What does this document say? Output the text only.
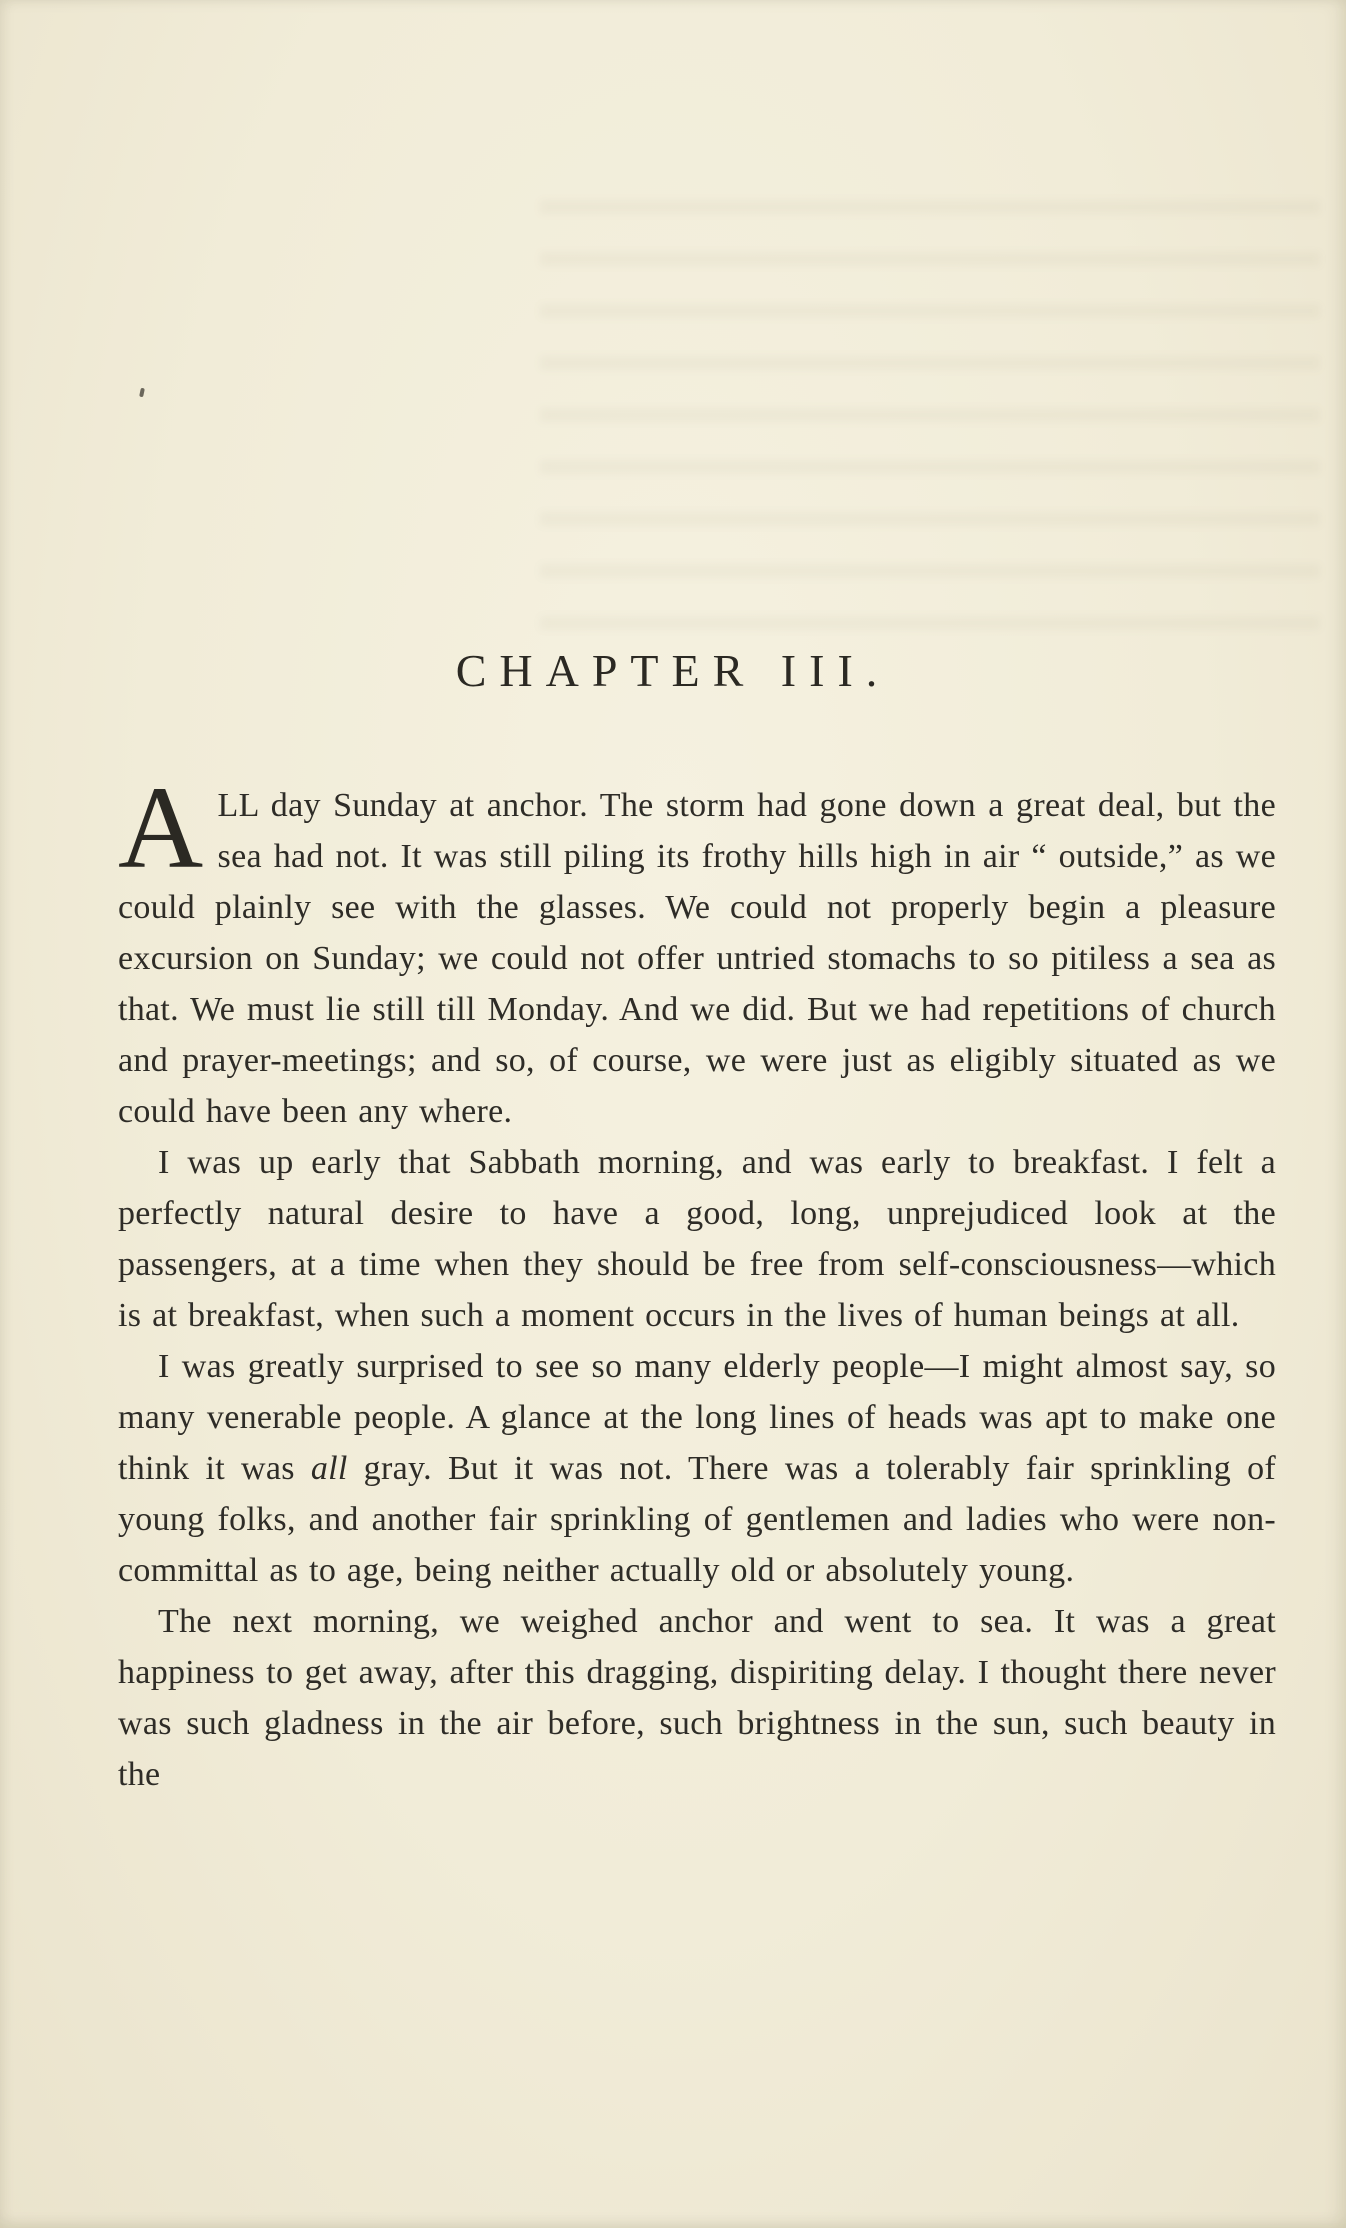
CHAPTER III.

ALL day Sunday at anchor. The storm had gone down a great deal, but the sea had not. It was still piling its frothy hills high in air “ outside,” as we could plainly see with the glasses. We could not properly begin a pleasure excursion on Sunday; we could not offer untried stomachs to so pitiless a sea as that. We must lie still till Monday. And we did. But we had repetitions of church and prayer-meetings; and so, of course, we were just as eligibly situated as we could have been any where.

I was up early that Sabbath morning, and was early to breakfast. I felt a perfectly natural desire to have a good, long, unprejudiced look at the passengers, at a time when they should be free from self-consciousness—which is at breakfast, when such a moment occurs in the lives of human beings at all.

I was greatly surprised to see so many elderly people—I might almost say, so many venerable people. A glance at the long lines of heads was apt to make one think it was all gray. But it was not. There was a tolerably fair sprinkling of young folks, and another fair sprinkling of gentlemen and ladies who were non-committal as to age, being neither actually old or absolutely young.

The next morning, we weighed anchor and went to sea. It was a great happiness to get away, after this dragging, dispiriting delay. I thought there never was such gladness in the air before, such brightness in the sun, such beauty in the
